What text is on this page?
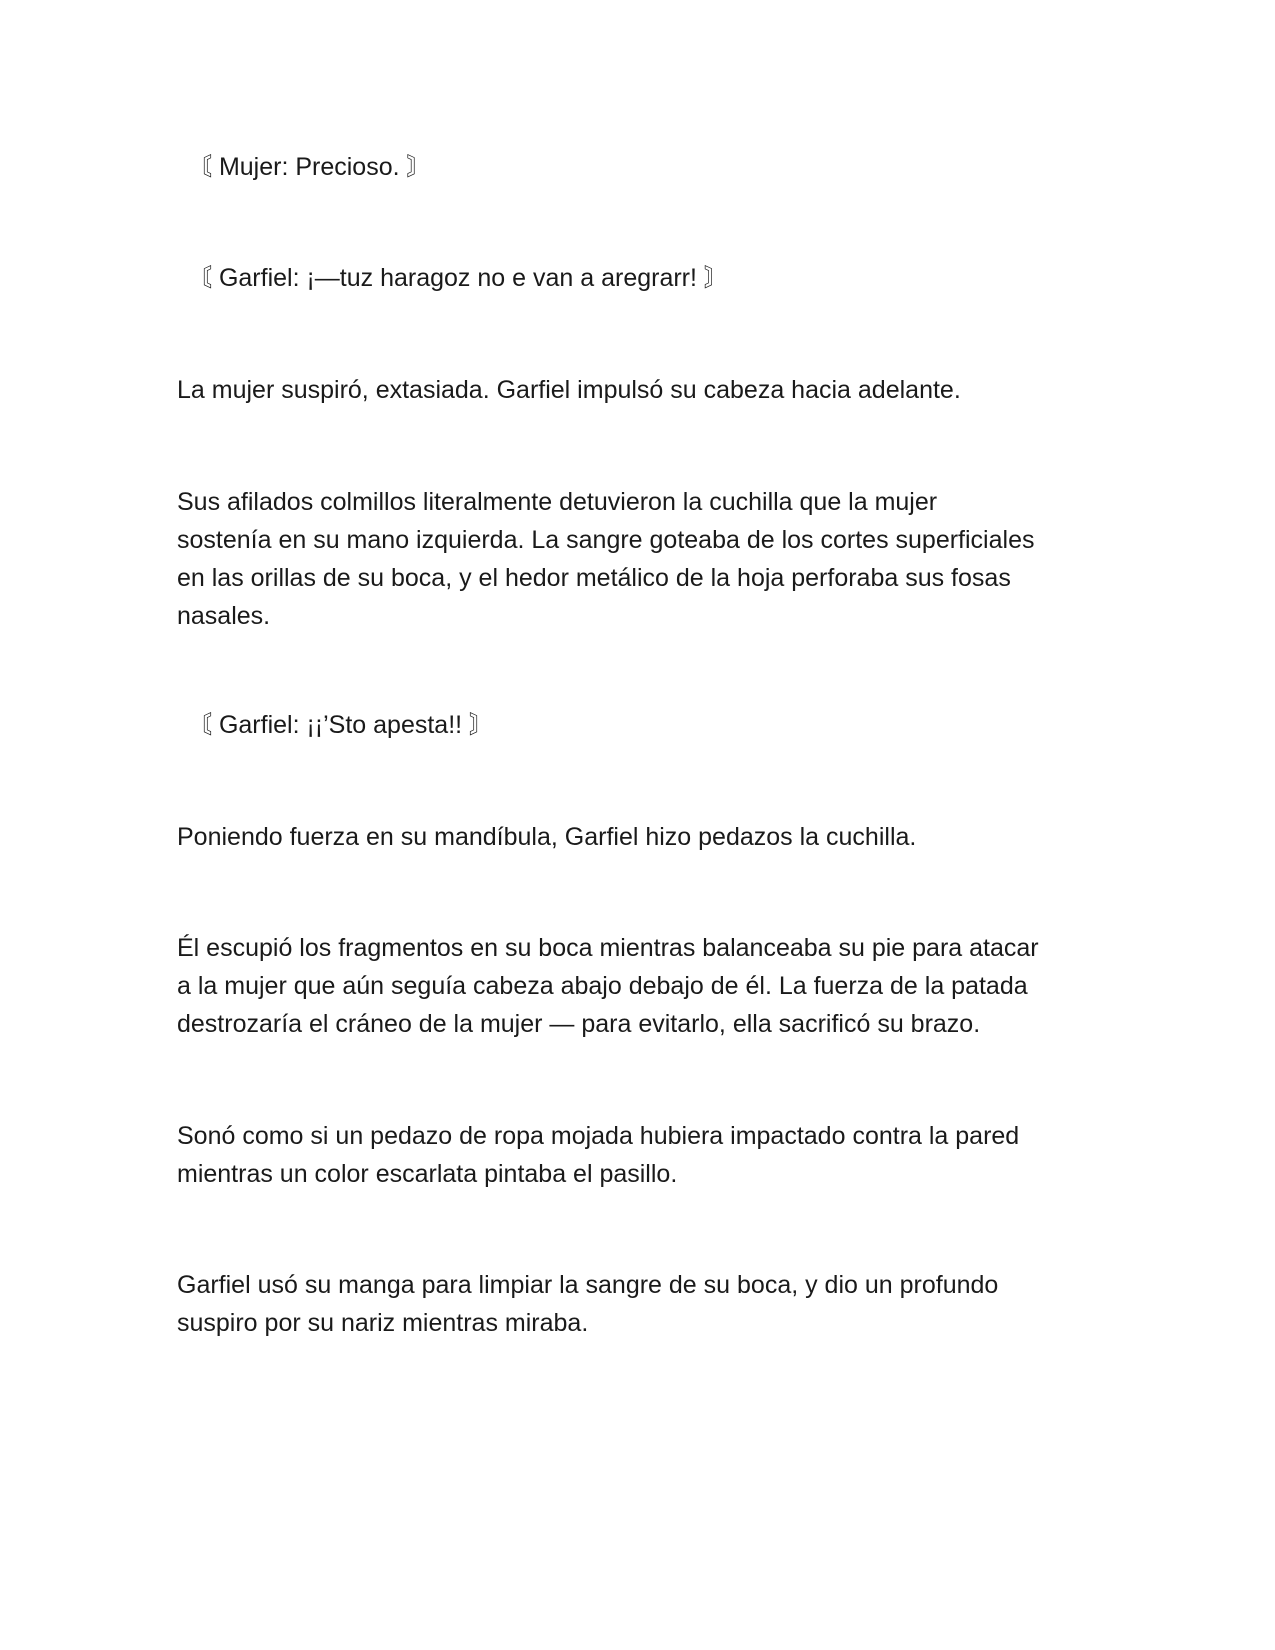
〘 Mujer: Precioso. 〙

〘 Garfiel: ¡—tuz haragoz no e van a aregrarr! 〙

La mujer suspiró, extasiada. Garfiel impulsó su cabeza hacia adelante.

Sus afilados colmillos literalmente detuvieron la cuchilla que la mujer
sostenía en su mano izquierda. La sangre goteaba de los cortes superficiales
en las orillas de su boca, y el hedor metálico de la hoja perforaba sus fosas
nasales.

〘 Garfiel: ¡¡’Sto apesta!! 〙

Poniendo fuerza en su mandíbula, Garfiel hizo pedazos la cuchilla.

Él escupió los fragmentos en su boca mientras balanceaba su pie para atacar
a la mujer que aún seguía cabeza abajo debajo de él. La fuerza de la patada
destrozaría el cráneo de la mujer — para evitarlo, ella sacrificó su brazo.

Sonó como si un pedazo de ropa mojada hubiera impactado contra la pared
mientras un color escarlata pintaba el pasillo.

Garfiel usó su manga para limpiar la sangre de su boca, y dio un profundo
suspiro por su nariz mientras miraba.
